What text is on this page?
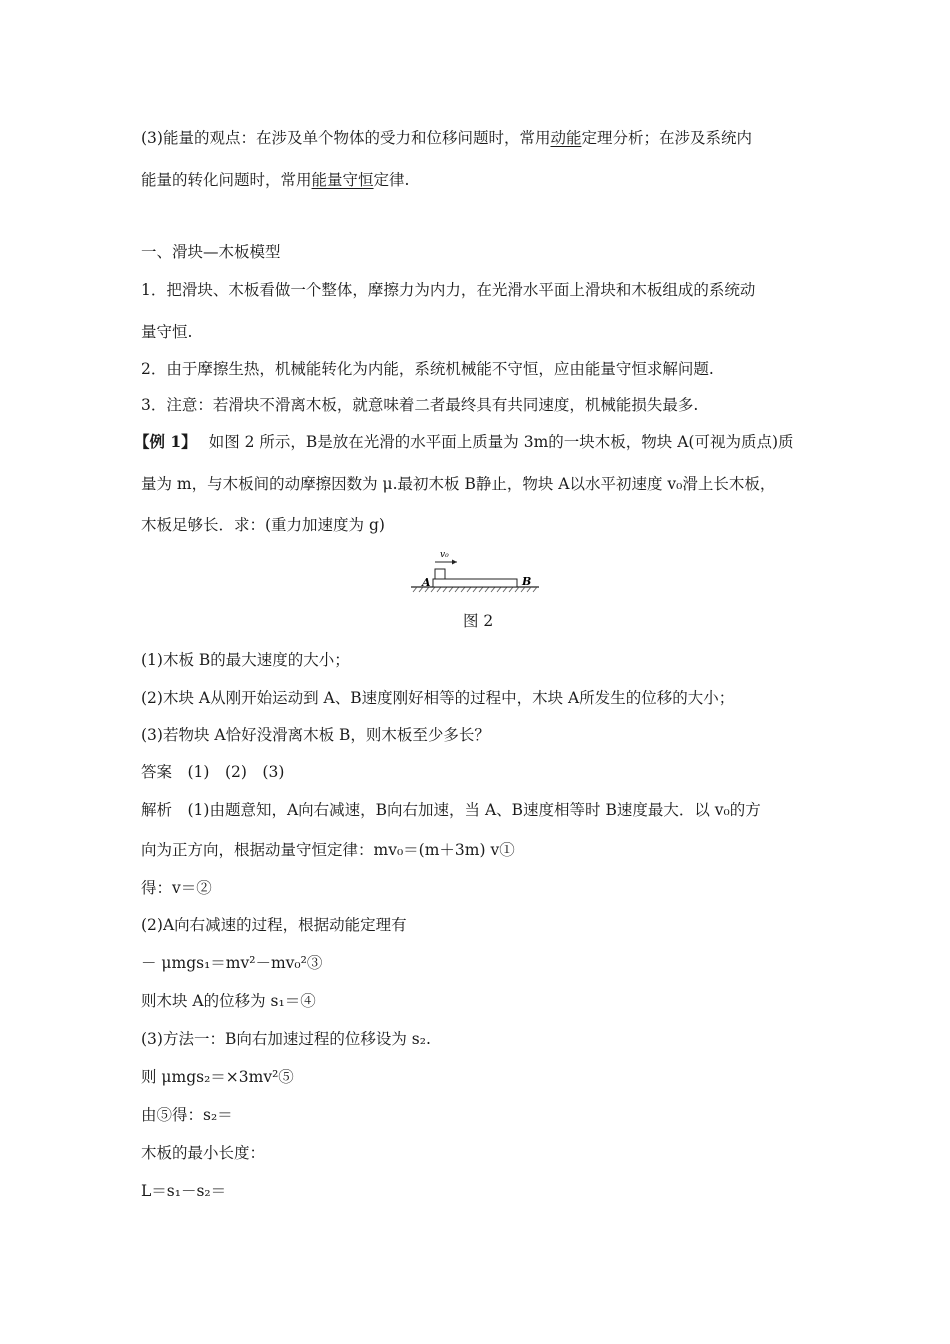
(3)能量的观点：在涉及单个物体的受力和位移问题时，常用动能定理分析；在涉及系统内
能量的转化问题时，常用能量守恒定律.
一、滑块—木板模型
1．把滑块、木板看做一个整体，摩擦力为内力，在光滑水平面上滑块和木板组成的系统动
量守恒.
2．由于摩擦生热，机械能转化为内能，系统机械能不守恒，应由能量守恒求解问题.
3．注意：若滑块不滑离木板，就意味着二者最终具有共同速度，机械能损失最多.
【例 1】 如图 2 所示，B是放在光滑的水平面上质量为 3m的一块木板，物块 A(可视为质点)质
量为 m，与木板间的动摩擦因数为 μ.最初木板 B静止，物块 A以水平初速度 v₀滑上长木板，
木板足够长．求：(重力加速度为 g)
v₀
A	B
图 2
(1)木板 B的最大速度的大小；
(2)木块 A从刚开始运动到 A、B速度刚好相等的过程中，木块 A所发生的位移的大小；
(3)若物块 A恰好没滑离木板 B，则木板至少多长？
答案　(1)　(2)　(3)
解析　(1)由题意知，A向右减速，B向右加速，当 A、B速度相等时 B速度最大．以 v₀的方
向为正方向，根据动量守恒定律：mv₀＝(m＋3m) v①
得：v＝②
(2)A向右减速的过程，根据动能定理有
－ μmgs₁＝mv²－mv₀²③
则木块 A的位移为 s₁＝④
(3)方法一：B向右加速过程的位移设为 s₂.
则 μmgs₂＝×3mv²⑤
由⑤得：s₂＝
木板的最小长度：
L＝s₁－s₂＝
